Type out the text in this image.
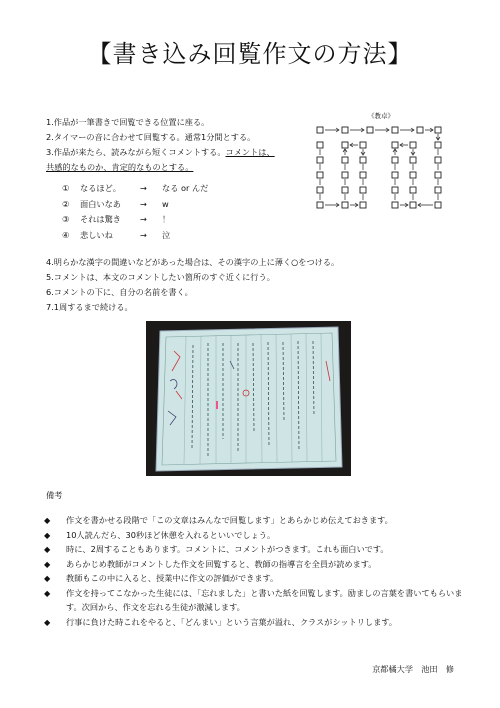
【書き込み回覧作文の方法】
1.作品が一筆書きで回覧できる位置に座る。
2.タイマーの音に合わせて回覧する。通常1分間とする。
3.作品が来たら、読みながら短くコメントする。コメントは、
共感的なものか、肯定的なものとする。
①	なるほど。	→	なる or んだ
②	面白いなあ	→	w
③	それは驚き	→	！
④	悲しいね	→	泣
4.明らかな漢字の間違いなどがあった場合は、その漢字の上に薄く○をつける。
5.コメントは、本文のコメントしたい箇所のすぐ近くに行う。
6.コメントの下に、自分の名前を書く。
7.1周するまで続ける。
《教卓》
備考
◆	作文を書かせる段階で「この文章はみんなで回覧します」とあらかじめ伝えておきます。
◆	10人読んだら、30秒ほど休憩を入れるといいでしょう。
◆	時に、2周することもあります。コメントに、コメントがつきます。これも面白いです。
◆	あらかじめ教師がコメントした作文を回覧すると、教師の指導言を全員が読めます。
◆	教師もこの中に入ると、授業中に作文の評価ができます。
◆	作文を持ってこなかった生徒には、「忘れました」と書いた紙を回覧します。励ましの言葉を書いてもらいます。次回から、作文を忘れる生徒が激減します。
◆	行事に負けた時これをやると、「どんまい」という言葉が溢れ、クラスがシットリします。
京都橘大学　池田　修
